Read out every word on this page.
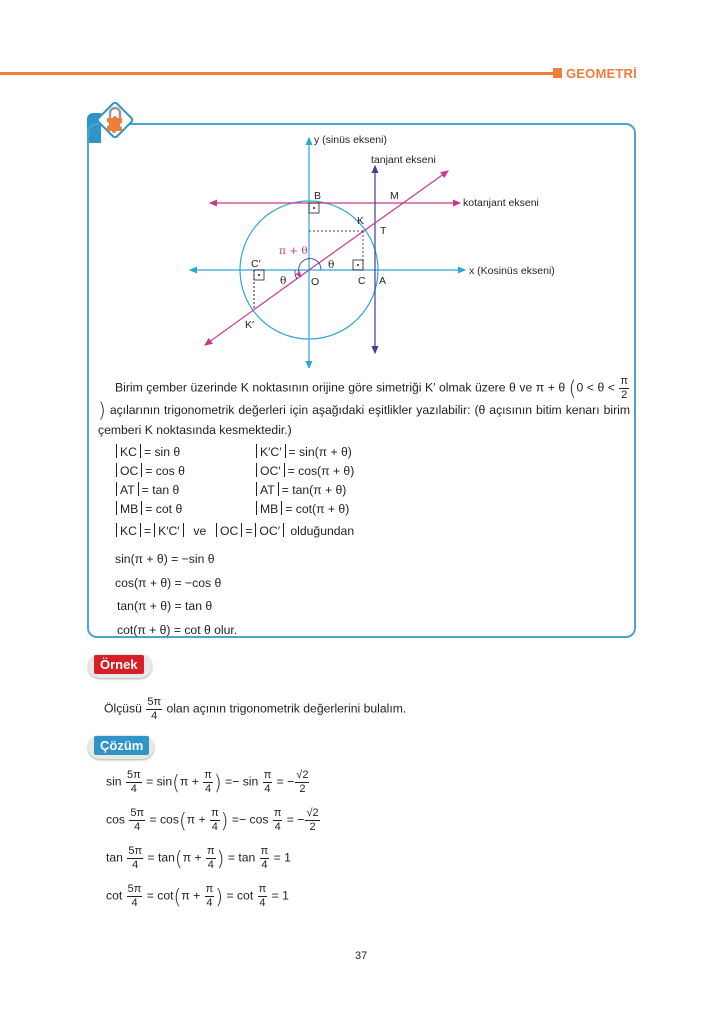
GEOMETRİ
y (sinüs ekseni)
tanjant ekseni
kotanjant ekseni
x (Kosinüs ekseni)
B	M
K
T
C′
O	C A
K′
θ
θ
π + θ
Birim çember üzerinde K noktasının orijine göre simetriği K′ olmak üzere θ ve π + θ ($0 < \theta < \frac{\pi}{2}$
) açılarının trigonometrik değerleri için aşağıdaki eşitlikler yazılabilir: (θ açısının bitim kenarı birim çemberi K noktasında kesmektedir.)
KC = sin θ
OC = cos θ
AT = tan θ
MB = cot θ
K′C′ = sin(π + θ)
OC′ = cos(π + θ)
AT = tan(π + θ)
MB = cot(π + θ)
KC = K′C′ ve OC = OC′ olduğundan
sin(π + θ) = −sin θ
cos(π + θ) = −cos θ
tan(π + θ) = tan θ
cot(π + θ) = cot θ olur.
Örnek
Ölçüsü $\frac{5\pi}{4}$ olan açının trigonometrik değerlerini bulalım.
Çözüm
$\sin \frac{5\pi}{4} = \sin(\pi + \frac{\pi}{4}$ ) =− $\sin \frac{\pi}{4}$ = − $\frac{√2}{2}$
$\cos \frac{5\pi}{4} = \cos(\pi + \frac{\pi}{4}$ ) =− $\cos \frac{\pi}{4}$ = − $\frac{√2}{2}$
$\tan \frac{5\pi}{4} = \tan(\pi + \frac{\pi}{4}$ ) = $\tan \frac{\pi}{4} = 1$
$\cot \frac{5\pi}{4} = \cot(\pi + \frac{\pi}{4}$ ) = $\cot \frac{\pi}{4} = 1$
37
